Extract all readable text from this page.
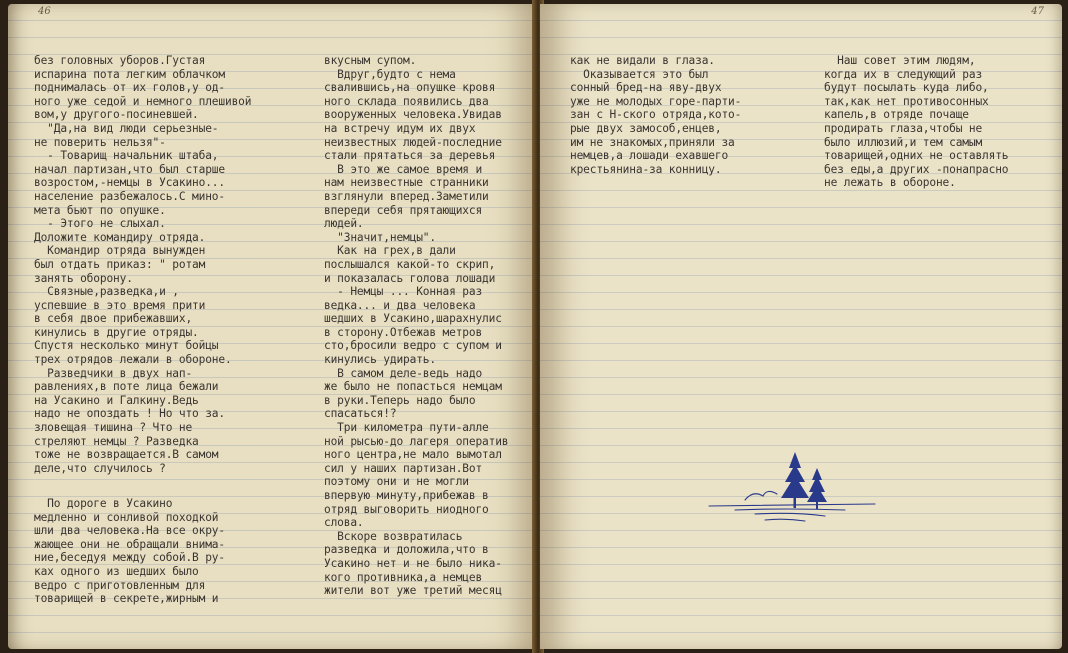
46
без головных уборов.Густая
испарина пота легким облачком
поднималась от их голов,у од-
ного уже седой и немного плешивой
вом,у другого-посиневшей.
"Да,на вид люди серьезные-
не поверить нельзя"-
- Товарищ начальник штаба,
начал партизан,что был старше
возростом,-немцы в Усакино...
население разбежалось.С мино-
мета бьют по опушке.
- Этого не слыхал.
Доложите командиру отряда.
Командир отряда вынужден
был отдать приказ: " ротам
занять оборону.
Связные,разведка,и ,
успевшие в это время прити
в себя двое прибежавших,
кинулись в другие отряды.
Спустя несколько минут бойцы
трех отрядов лежали в обороне.
Разведчики в двух нап-
равлениях,в поте лица бежали
на Усакино и Галкину.Ведь
надо не опоздать ! Но что за.
зловещая тишина ? Что не
стреляют немцы ? Разведка
тоже не возвращается.В самом
деле,что случилось ?
По дороге в Усакино
медленно и сонливой походкой
шли два человека.На все окру-
жающее они не обращали внима-
ние,беседуя между собой.В ру-
ках одного из шедших было
ведро с приготовленным для
товарищей в секрете,жирным и
вкусным супом.
Вдруг,будто с нема
свалившись,на опушке кровя
ного склада появились два
вооруженных человека.Увидав
на встречу идум их двух
неизвестных людей-последние
стали прятаться за деревья
В это же самое время и
нам неизвестные странники
взглянули вперед.Заметили
впереди себя прятающихся
людей.
"Значит,немцы".
Как на грех,в дали
послышался какой-то скрип,
и показалась голова лошади
- Немцы ... Конная раз
ведка... и два человека
шедших в Усакино,шарахнулис
в сторону.Отбежав метров
сто,бросили ведро с супом и
кинулись удирать.
В самом деле-ведь надо
же было не попасться немцам
в руки.Теперь надо было
спасаться!?
Три километра пути-алле
ной рысью-до лагеря оператив
ного центра,не мало вымотал
сил у наших партизан.Вот
поэтому они и не могли
впервую минуту,прибежав в
отряд выговорить ниодного
слова.
Вскоре возвратилась
разведка и доложила,что в
Усакино нет и не было ника-
кого противника,а немцев
жители вот уже третий месяц
47
как не видали в глаза.
Оказывается это был
сонный бред-на яву-двух
уже не молодых горе-парти-
зан с Н-ского отряда,кото-
рые двух замособ,енцев,
им не знакомых,приняли за
немцев,а лошади ехавшего
крестьянина-за конницу.
Наш совет этим людям,
когда их в следующий раз
будут посылать куда либо,
так,как нет противосонных
капель,в отряде почаще
продирать глаза,чтобы не
было иллюзий,и тем самым
товарищей,одних не оставлять
без еды,а других -понапрасно
не лежать в обороне.
